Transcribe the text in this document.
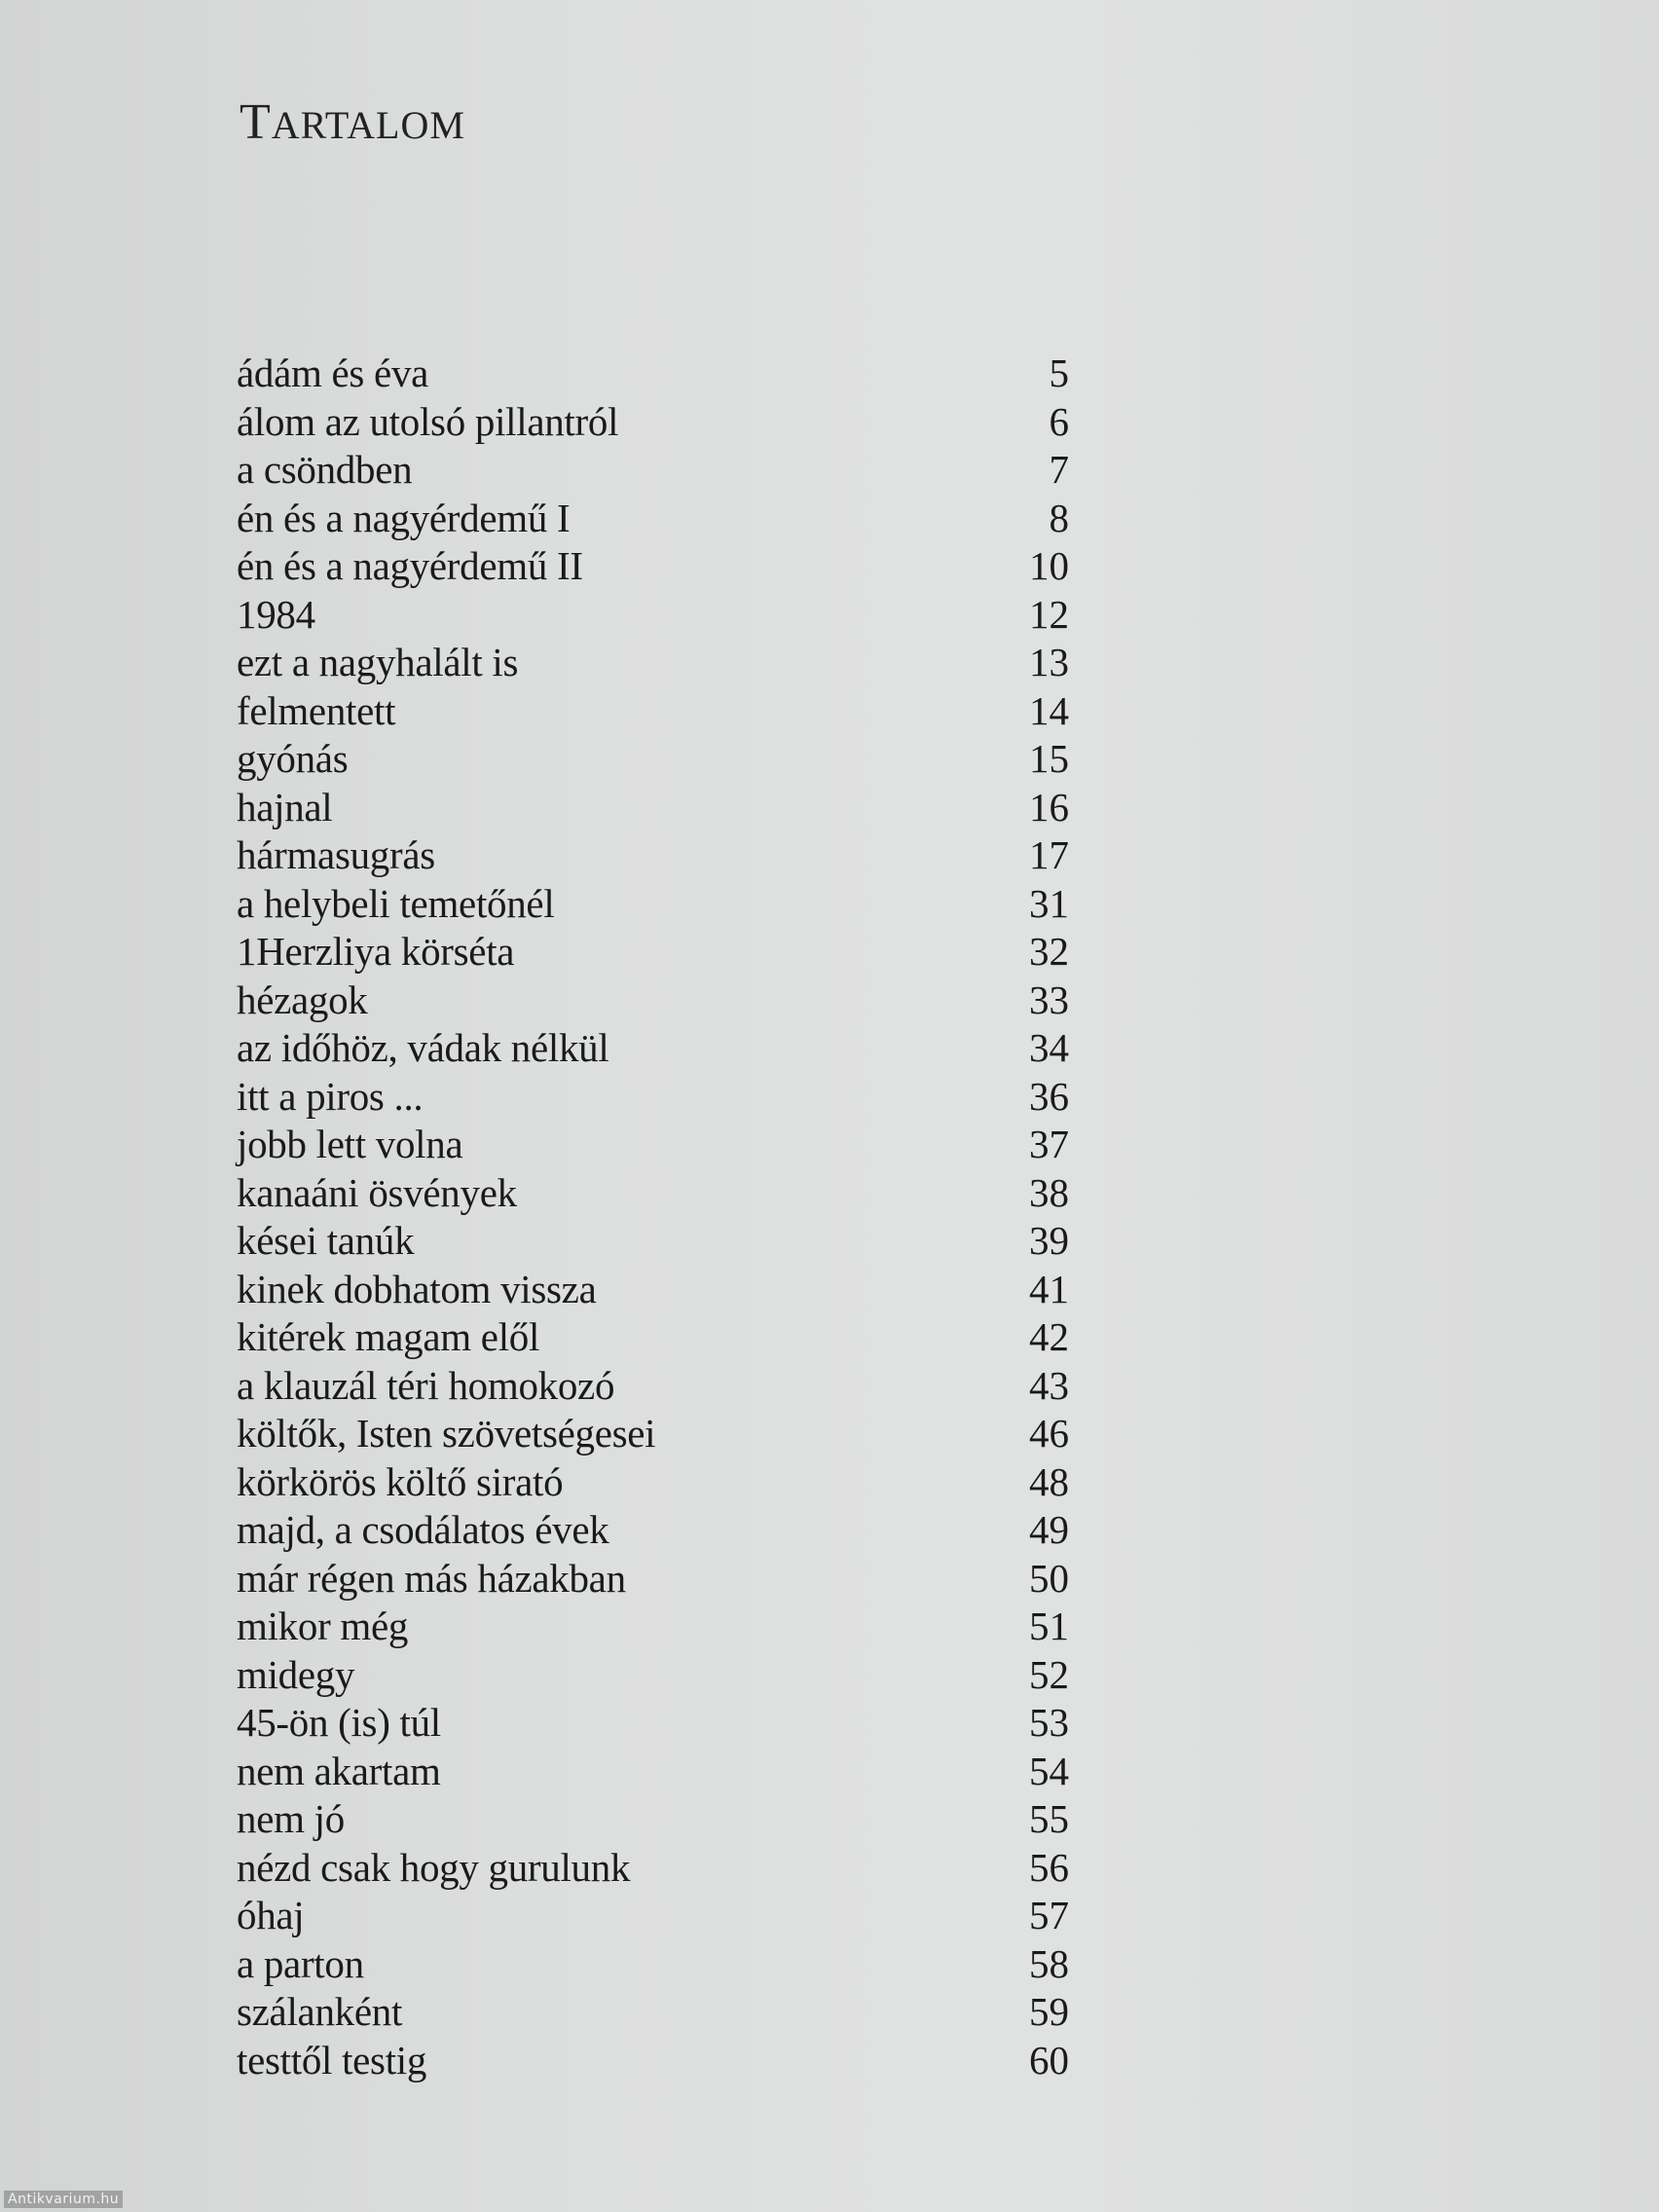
TARTALOM
ádám és éva	5
álom az utolsó pillantról	6
a csöndben	7
én és a nagyérdemű I	8
én és a nagyérdemű II	10
1984	12
ezt a nagyhalált is	13
felmentett	14
gyónás	15
hajnal	16
hármasugrás	17
a helybeli temetőnél	31
1Herzliya körséta	32
hézagok	33
az időhöz, vádak nélkül	34
itt a piros ...	36
jobb lett volna	37
kanaáni ösvények	38
kései tanúk	39
kinek dobhatom vissza	41
kitérek magam elől	42
a klauzál téri homokozó	43
költők, Isten szövetségesei	46
körkörös költő sirató	48
majd, a csodálatos évek	49
már régen más házakban	50
mikor még	51
midegy	52
45-ön (is) túl	53
nem akartam	54
nem jó	55
nézd csak hogy gurulunk	56
óhaj	57
a parton	58
szálanként	59
testtől testig	60
Antikvarium.hu
